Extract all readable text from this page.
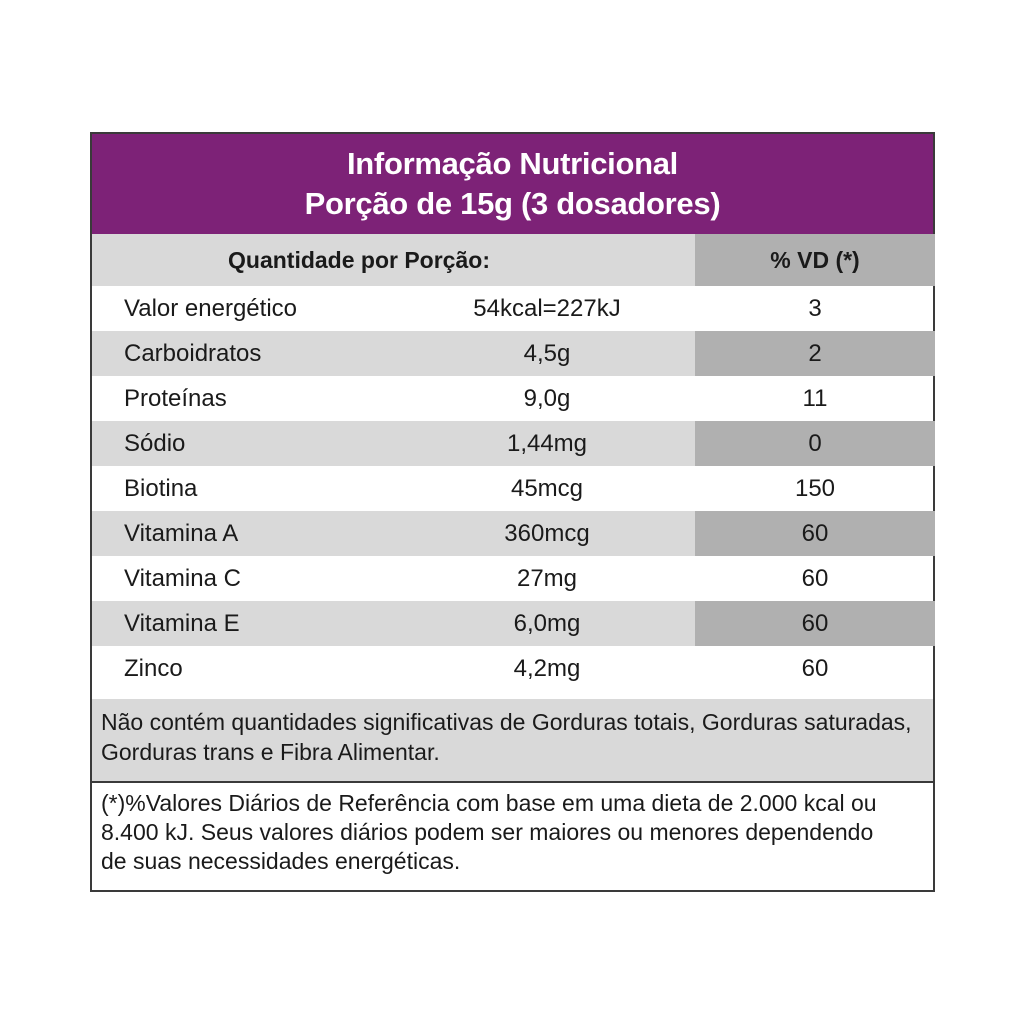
Informação Nutricional
Porção de 15g (3 dosadores)
Quantidade por Porção:	% VD (*)
Valor energético	54kcal=227kJ	3
Carboidratos	4,5g	2
Proteínas	9,0g	11
Sódio	1,44mg	0
Biotina	45mcg	150
Vitamina A	360mcg	60
Vitamina C	27mg	60
Vitamina E	6,0mg	60
Zinco	4,2mg	60
Não contém quantidades significativas de Gorduras totais, Gorduras saturadas,
Gorduras trans e Fibra Alimentar.
(*)%Valores Diários de Referência com base em uma dieta de 2.000 kcal ou
8.400 kJ. Seus valores diários podem ser maiores ou menores dependendo
de suas necessidades energéticas.
